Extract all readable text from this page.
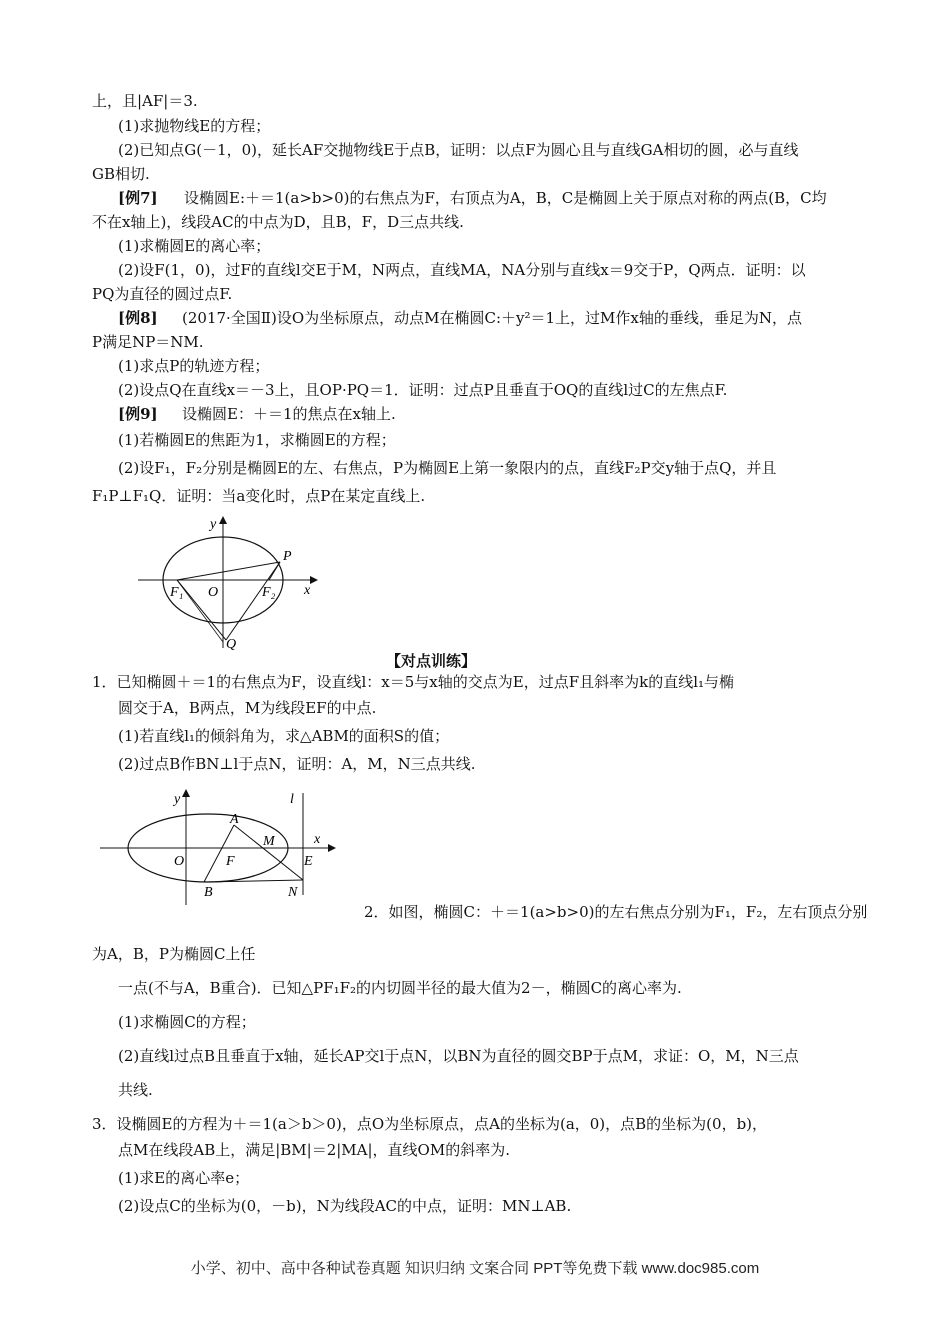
上，且|AF|＝3.
(1)求抛物线E的方程；
(2)已知点G(－1，0)，延长AF交抛物线E于点B，证明：以点F为圆心且与直线GA相切的圆，必与直线
GB相切.
[例7] 设椭圆E:＋＝1(a>b>0)的右焦点为F，右顶点为A，B，C是椭圆上关于原点对称的两点(B，C均
不在x轴上)，线段AC的中点为D，且B，F，D三点共线.
(1)求椭圆E的离心率；
(2)设F(1，0)，过F的直线l交E于M，N两点，直线MA，NA分别与直线x＝9交于P，Q两点．证明：以
PQ为直径的圆过点F.
[例8] (2017·全国Ⅱ)设O为坐标原点，动点M在椭圆C:＋y²＝1上，过M作x轴的垂线，垂足为N，点
P满足NP＝NM.
(1)求点P的轨迹方程；
(2)设点Q在直线x＝－3上，且OP·PQ＝1．证明：过点P且垂直于OQ的直线l过C的左焦点F.
[例9] 设椭圆E：＋＝1的焦点在x轴上.
(1)若椭圆E的焦距为1，求椭圆E的方程；
(2)设F₁，F₂分别是椭圆E的左、右焦点，P为椭圆E上第一象限内的点，直线F₂P交y轴于点Q，并且
F₁P⊥F₁Q．证明：当a变化时，点P在某定直线上.
y
x
P
F₁ O	F₂
Q
【对点训练】
1．已知椭圆＋＝1的右焦点为F，设直线l：x＝5与x轴的交点为E，过点F且斜率为k的直线l₁与椭
圆交于A，B两点，M为线段EF的中点.
(1)若直线l₁的倾斜角为，求△ABM的面积S的值；
(2)过点B作BN⊥l于点N，证明：A，M，N三点共线.
y	l
A
M	x
O	F	E
B	N
2．如图，椭圆C：＋＝1(a>b>0)的左右焦点分别为F₁，F₂，左右顶点分别
为A，B，P为椭圆C上任
一点(不与A，B重合)．已知△PF₁F₂的内切圆半径的最大值为2－，椭圆C的离心率为.
(1)求椭圆C的方程；
(2)直线l过点B且垂直于x轴，延长AP交l于点N，以BN为直径的圆交BP于点M，求证：O，M，N三点
共线.
3．设椭圆E的方程为＋＝1(a＞b＞0)，点O为坐标原点，点A的坐标为(a，0)，点B的坐标为(0，b)，
点M在线段AB上，满足|BM|＝2|MA|，直线OM的斜率为.
(1)求E的离心率e；
(2)设点C的坐标为(0，－b)，N为线段AC的中点，证明：MN⊥AB.
小学、初中、高中各种试卷真题 知识归纳 文案合同 PPT等免费下载 www.doc985.com
